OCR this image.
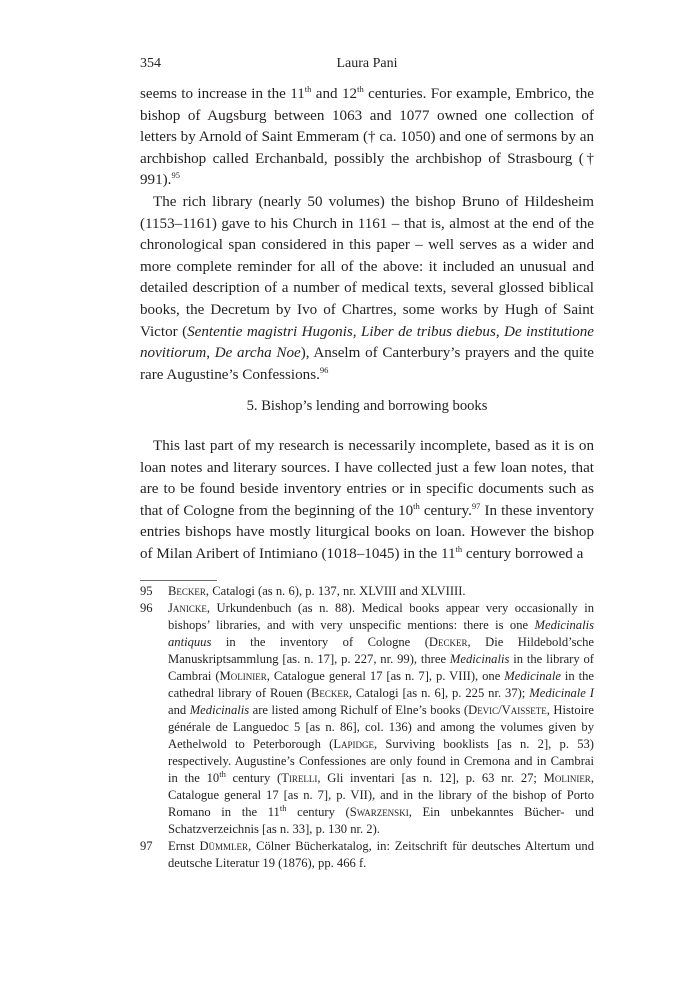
354	Laura Pani

seems to increase in the 11th and 12th centuries. For example, Embrico, the bishop of Augsburg between 1063 and 1077 owned one collection of letters by Arnold of Saint Emmeram († ca. 1050) and one of sermons by an archbishop called Erchanbald, possibly the archbishop of Strasbourg († 991).$^{95}$

The rich library (nearly 50 volumes) the bishop Bruno of Hildesheim (1153–1161) gave to his Church in 1161 – that is, almost at the end of the chronological span considered in this paper – well serves as a wider and more complete reminder for all of the above: it included an unusual and detailed description of a number of medical texts, several glossed biblical books, the Decretum by Ivo of Chartres, some works by Hugh of Saint Victor (Sententie magistri Hugonis, Liber de tribus diebus, De institutione novitiorum, De archa Noe), Anselm of Canterbury’s prayers and the quite rare Augustine’s Confessions.$^{96}$

5. Bishop’s lending and borrowing books

This last part of my research is necessarily incomplete, based as it is on loan notes and literary sources. I have collected just a few loan notes, that are to be found beside inventory entries or in specific documents such as that of Cologne from the beginning of the 10th century.$^{97}$ In these inventory entries bishops have mostly liturgical books on loan. However the bishop of Milan Aribert of Intimiano (1018–1045) in the 11th century borrowed a

95 Becker, Catalogi (as n. 6), p. 137, nr. XLVIII and XLVIIII.
96 Janicke, Urkundenbuch (as n. 88). Medical books appear very occasionally in bishops’ libraries, and with very unspecific mentions: there is one Medicinalis antiquus in the inventory of Cologne (Decker, Die Hildebold’sche Manuskriptsammlung [as. n. 17], p. 227, nr. 99), three Medicinalis in the library of Cambrai (Molinier, Catalogue general 17 [as n. 7], p. VIII), one Medicinale in the cathedral library of Rouen (Becker, Catalogi [as n. 6], p. 225 nr. 37); Medicinale I and Medicinalis are listed among Richulf of Elne’s books (Devic/Vaissete, Histoire générale de Languedoc 5 [as n. 86], col. 136) and among the volumes given by Aethelwold to Peterborough (Lapidge, Surviving booklists [as n. 2], p. 53) respectively. Augustine’s Confessiones are only found in Cremona and in Cambrai in the 10th century (Tirelli, Gli inventari [as n. 12], p. 63 nr. 27; Molinier, Catalogue general 17 [as n. 7], p. VII), and in the library of the bishop of Porto Romano in the 11th century (Swarzenski, Ein unbekanntes Bücher- und Schatzverzeichnis [as n. 33], p. 130 nr. 2).
97 Ernst Dümmler, Cölner Bücherkatalog, in: Zeitschrift für deutsches Altertum und deutsche Literatur 19 (1876), pp. 466 f.
